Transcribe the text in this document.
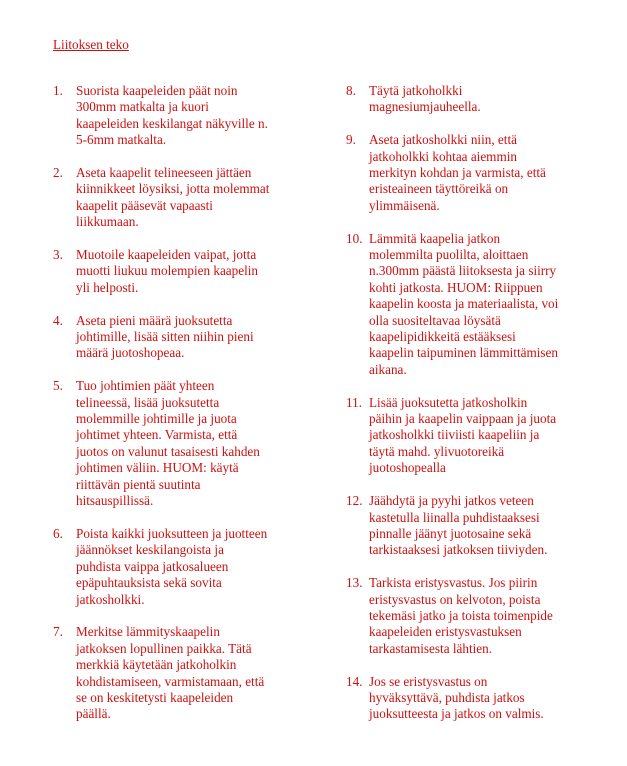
Liitoksen teko
1. Suorista kaapeleiden päät noin
300mm matkalta ja kuori
kaapeleiden keskilangat näkyville n.
5-6mm matkalta.
2. Aseta kaapelit telineeseen jättäen
kiinnikkeet löysiksi, jotta molemmat
kaapelit pääsevät vapaasti
liikkumaan.
3. Muotoile kaapeleiden vaipat, jotta
muotti liukuu molempien kaapelin
yli helposti.
4. Aseta pieni määrä juoksutetta
johtimille, lisää sitten niihin pieni
määrä juotoshopeaa.
5. Tuo johtimien päät yhteen
telineessä, lisää juoksutetta
molemmille johtimille ja juota
johtimet yhteen. Varmista, että
juotos on valunut tasaisesti kahden
johtimen väliin. HUOM: käytä
riittävän pientä suutinta
hitsauspillissä.
6. Poista kaikki juoksutteen ja juotteen
jäännökset keskilangoista ja
puhdista vaippa jatkosalueen
epäpuhtauksista sekä sovita
jatkosholkki.
7. Merkitse lämmityskaapelin
jatkoksen lopullinen paikka. Tätä
merkkiä käytetään jatkoholkin
kohdistamiseen, varmistamaan, että
se on keskitetysti kaapeleiden
päällä.
8. Täytä jatkoholkki
magnesiumjauheella.
9. Aseta jatkosholkki niin, että
jatkoholkki kohtaa aiemmin
merkityn kohdan ja varmista, että
eristeaineen täyttöreikä on
ylimmäisenä.
10. Lämmitä kaapelia jatkon
molemmilta puolilta, aloittaen
n.300mm päästä liitoksesta ja siirry
kohti jatkosta. HUOM: Riippuen
kaapelin koosta ja materiaalista, voi
olla suositeltavaa löysätä
kaapelipidikkeitä estääksesi
kaapelin taipuminen lämmittämisen
aikana.
11. Lisää juoksutetta jatkosholkin
päihin ja kaapelin vaippaan ja juota
jatkosholkki tiiviisti kaapeliin ja
täytä mahd. ylivuotoreikä
juotoshopealla
12. Jäähdytä ja pyyhi jatkos veteen
kastetulla liinalla puhdistaaksesi
pinnalle jäänyt juotosaine sekä
tarkistaaksesi jatkoksen tiiviyden.
13. Tarkista eristysvastus. Jos piirin
eristysvastus on kelvoton, poista
tekemäsi jatko ja toista toimenpide
kaapeleiden eristysvastuksen
tarkastamisesta lähtien.
14. Jos se eristysvastus on
hyväksyttävä, puhdista jatkos
juoksutteesta ja jatkos on valmis.
